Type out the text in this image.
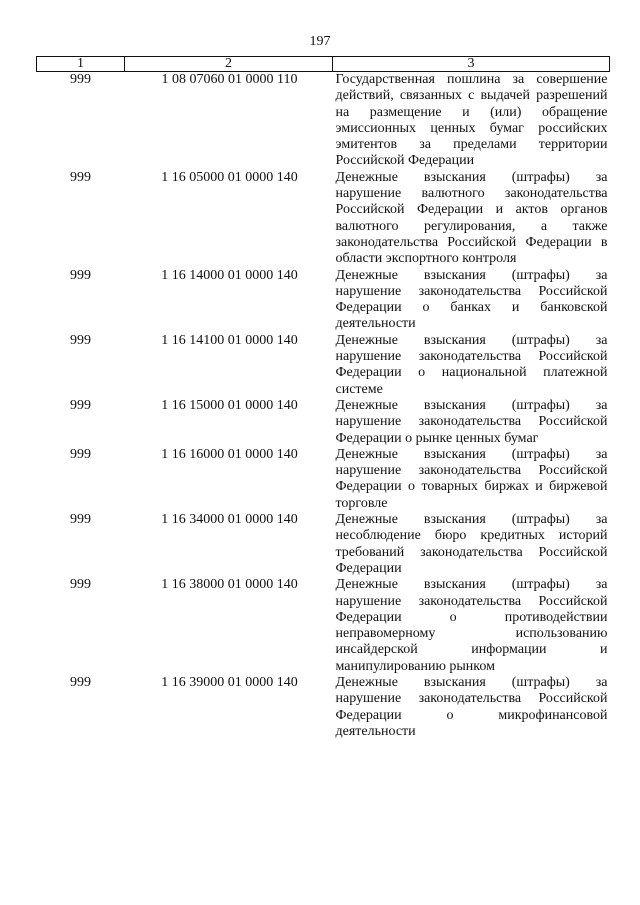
197
1	2	3
999	1 08 07060 01 0000 110	Государственная пошлина за совершение действий, связанных с выдачей разрешений на размещение и (или) обращение эмиссионных ценных бумаг российских эмитентов за пределами территории Российской Федерации
999	1 16 05000 01 0000 140	Денежные взыскания (штрафы) за нарушение валютного законодательства Российской Федерации и актов органов валютного регулирования, а также законодательства Российской Федерации в области экспортного контроля
999	1 16 14000 01 0000 140	Денежные взыскания (штрафы) за нарушение законодательства Российской Федерации о банках и банковской деятельности
999	1 16 14100 01 0000 140	Денежные взыскания (штрафы) за нарушение законодательства Российской Федерации о национальной платежной системе
999	1 16 15000 01 0000 140	Денежные взыскания (штрафы) за нарушение законодательства Российской Федерации о рынке ценных бумаг
999	1 16 16000 01 0000 140	Денежные взыскания (штрафы) за нарушение законодательства Российской Федерации о товарных биржах и биржевой торговле
999	1 16 34000 01 0000 140	Денежные взыскания (штрафы) за несоблюдение бюро кредитных историй требований законодательства Российской Федерации
999	1 16 38000 01 0000 140	Денежные взыскания (штрафы) за нарушение законодательства Российской Федерации о противодействии неправомерному использованию инсайдерской информации и манипулированию рынком
999	1 16 39000 01 0000 140	Денежные взыскания (штрафы) за нарушение законодательства Российской Федерации о микрофинансовой деятельности
